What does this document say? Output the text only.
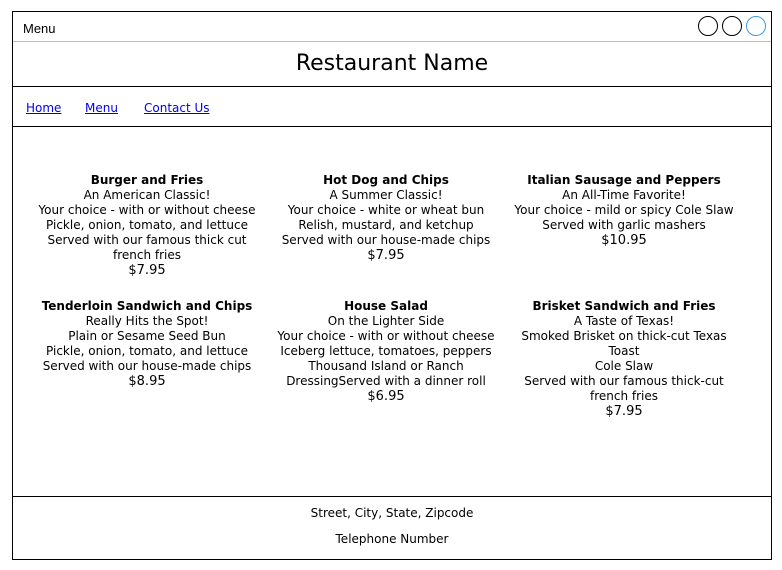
Menu
Restaurant Name
Home Menu Contact Us
Burger and Fries
An American Classic!
Your choice - with or without cheese
Pickle, onion, tomato, and lettuce
Served with our famous thick cut french fries
$7.95
Hot Dog and Chips
A Summer Classic!
Your choice - white or wheat bun
Relish, mustard, and ketchup
Served with our house-made chips
$7.95
Italian Sausage and Peppers
An All-Time Favorite!
Your choice - mild or spicy Cole Slaw
Served with garlic mashers
$10.95
Tenderloin Sandwich and Chips
Really Hits the Spot!
Plain or Sesame Seed Bun
Pickle, onion, tomato, and lettuce
Served with our house-made chips
$8.95
House Salad
On the Lighter Side
Your choice - with or without cheese
Iceberg lettuce, tomatoes, peppers
Thousand Island or Ranch DressingServed with a dinner roll
$6.95
Brisket Sandwich and Fries
A Taste of Texas!
Smoked Brisket on thick-cut Texas Toast
Cole Slaw
Served with our famous thick-cut french fries
$7.95
Street, City, State, Zipcode
Telephone Number
